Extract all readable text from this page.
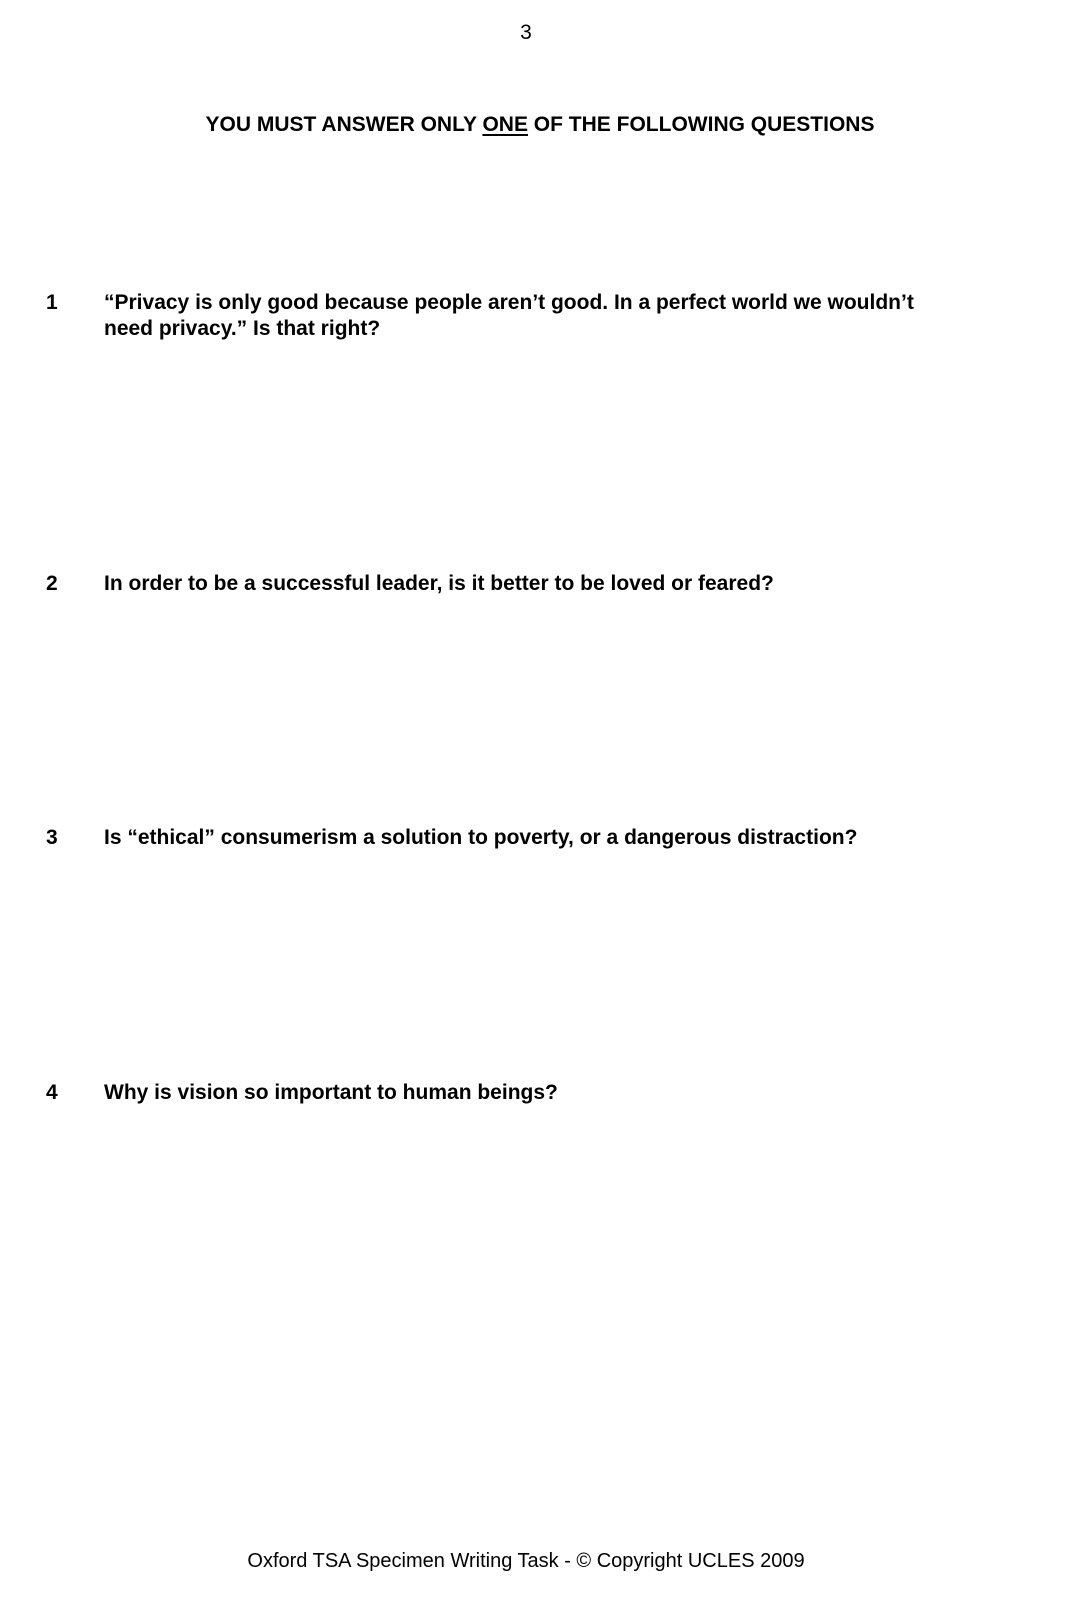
3
YOU MUST ANSWER ONLY ONE OF THE FOLLOWING QUESTIONS
1	“Privacy is only good because people aren’t good. In a perfect world we wouldn’t
need privacy.” Is that right?
2	In order to be a successful leader, is it better to be loved or feared?
3	Is “ethical” consumerism a solution to poverty, or a dangerous distraction?
4	Why is vision so important to human beings?
Oxford TSA Specimen Writing Task - © Copyright UCLES 2009
